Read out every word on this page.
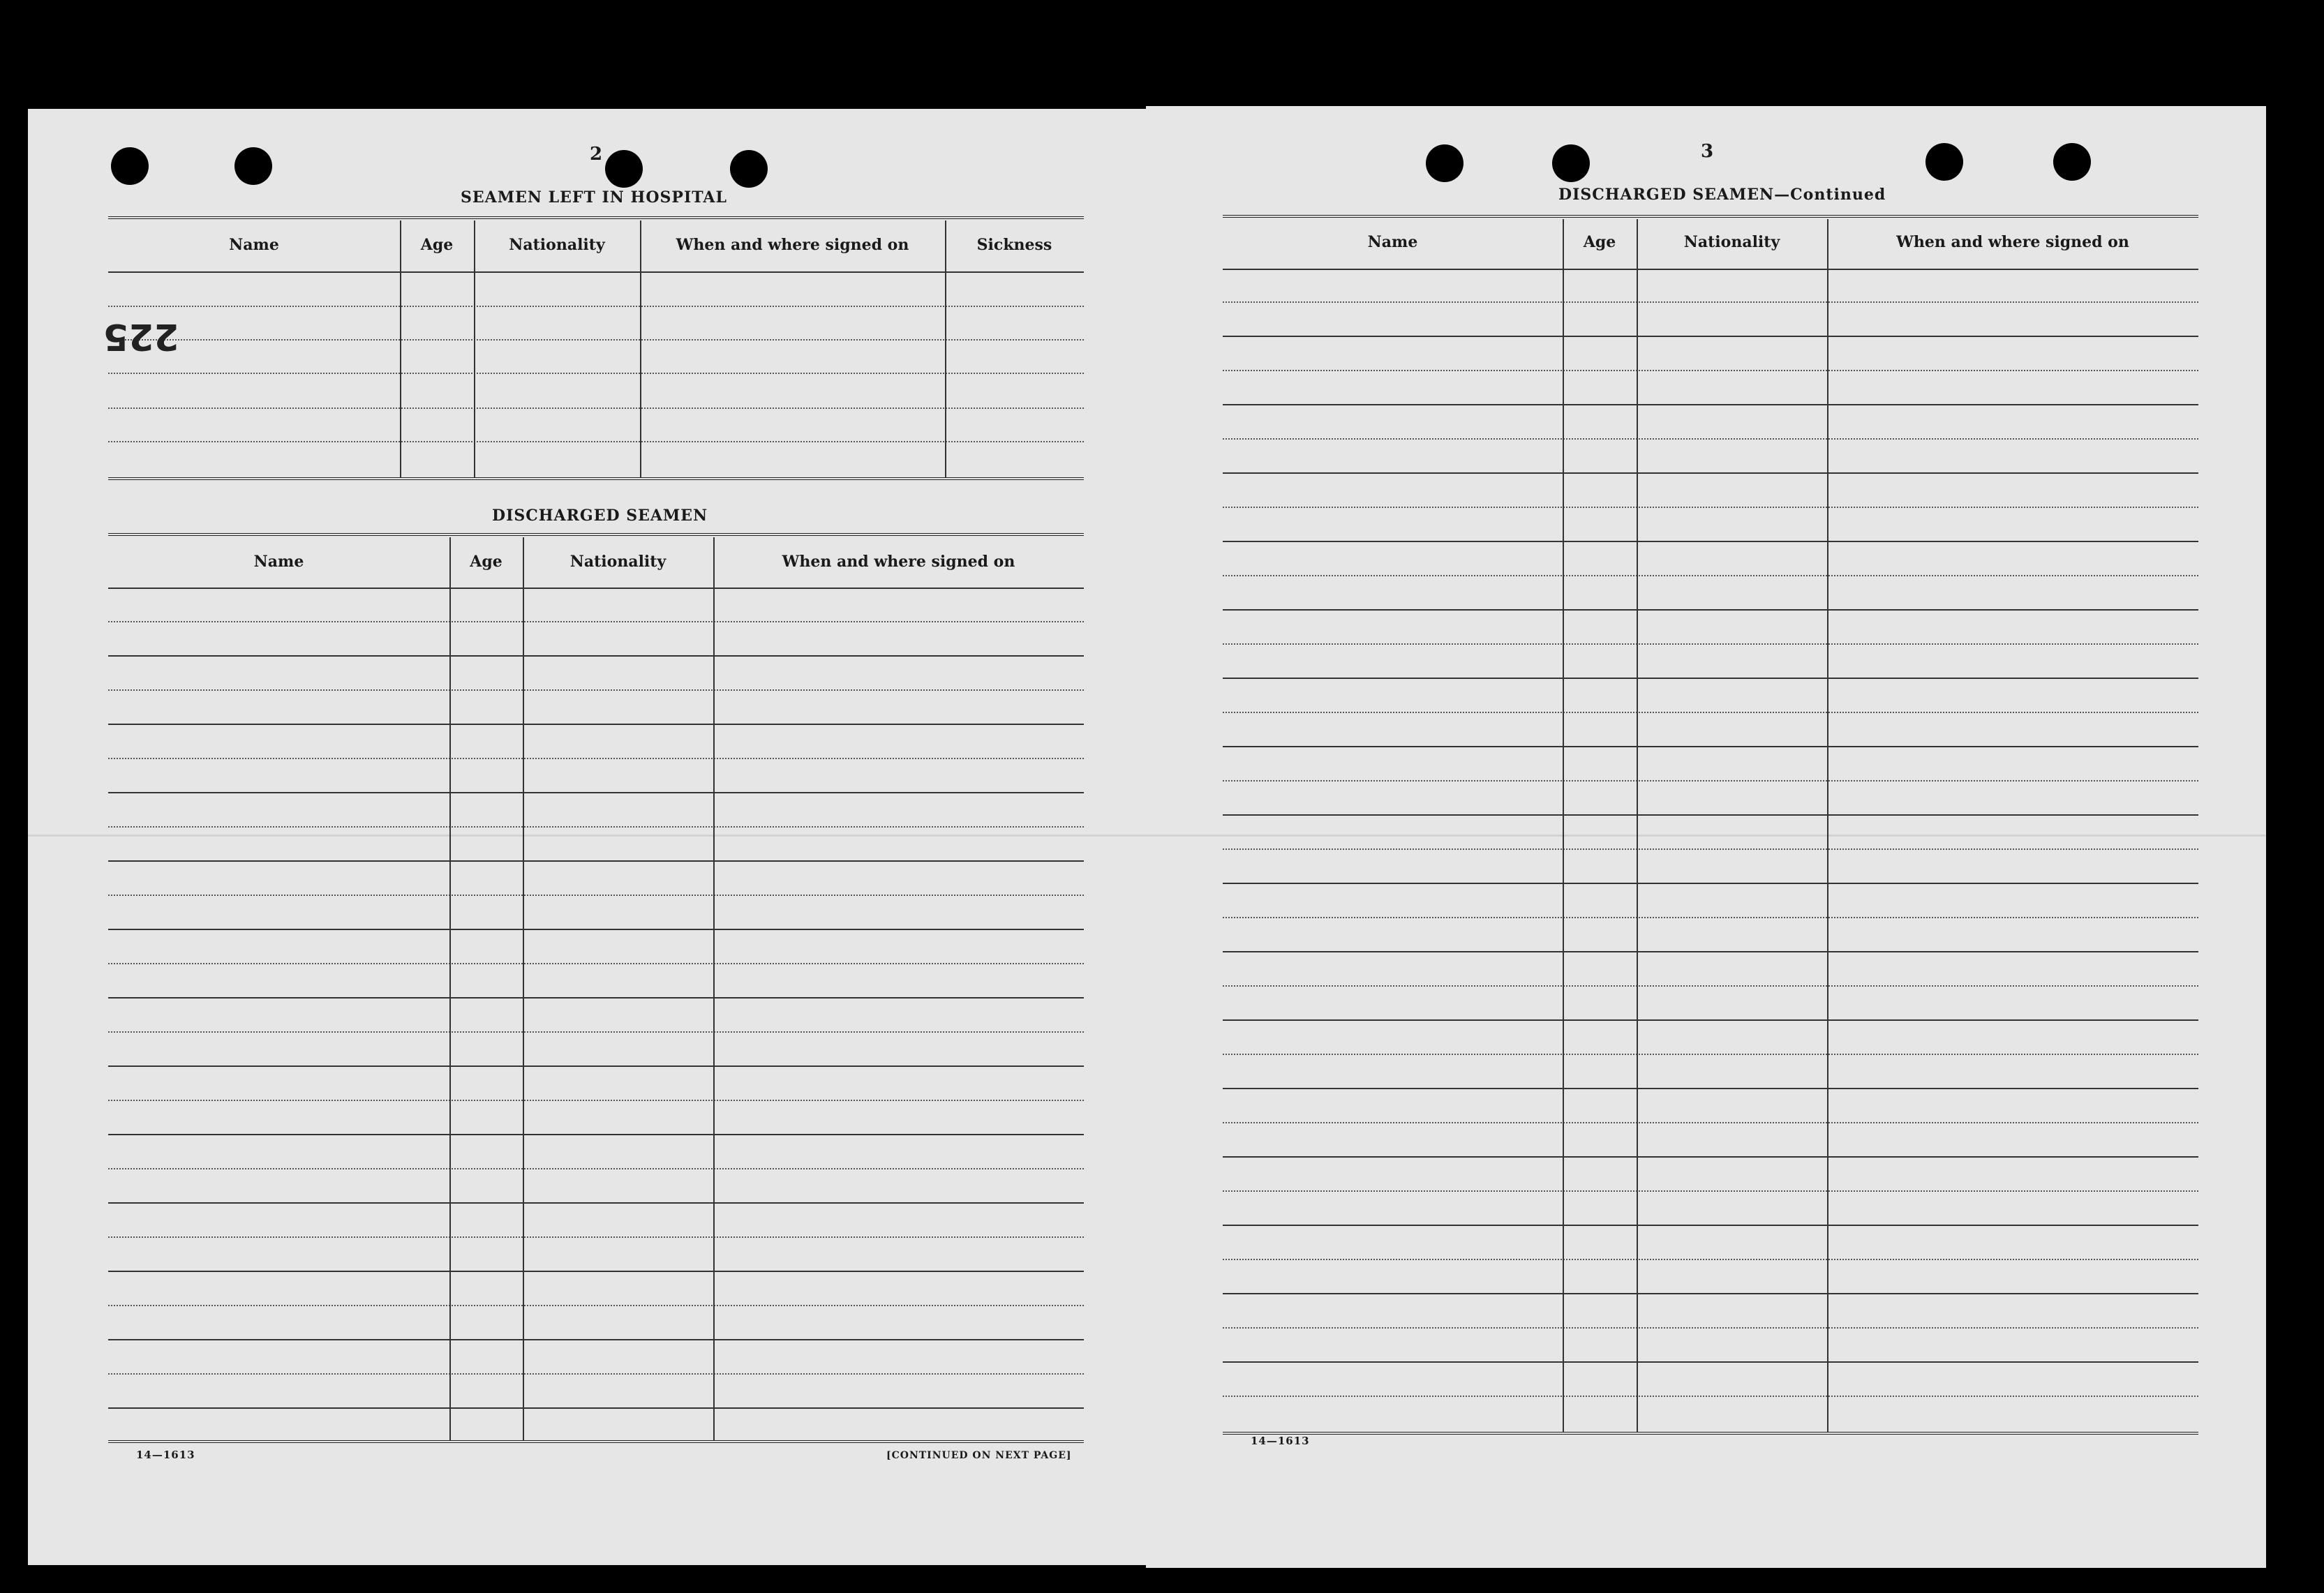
2
SEAMEN LEFT IN HOSPITAL
Name	Age	Nationality	When and where signed on	Sickness
225
DISCHARGED SEAMEN
Name	Age	Nationality	When and where signed on
14—1613	[CONTINUED ON NEXT PAGE]
3
DISCHARGED SEAMEN—Continued
Name	Age	Nationality	When and where signed on
14—1613
